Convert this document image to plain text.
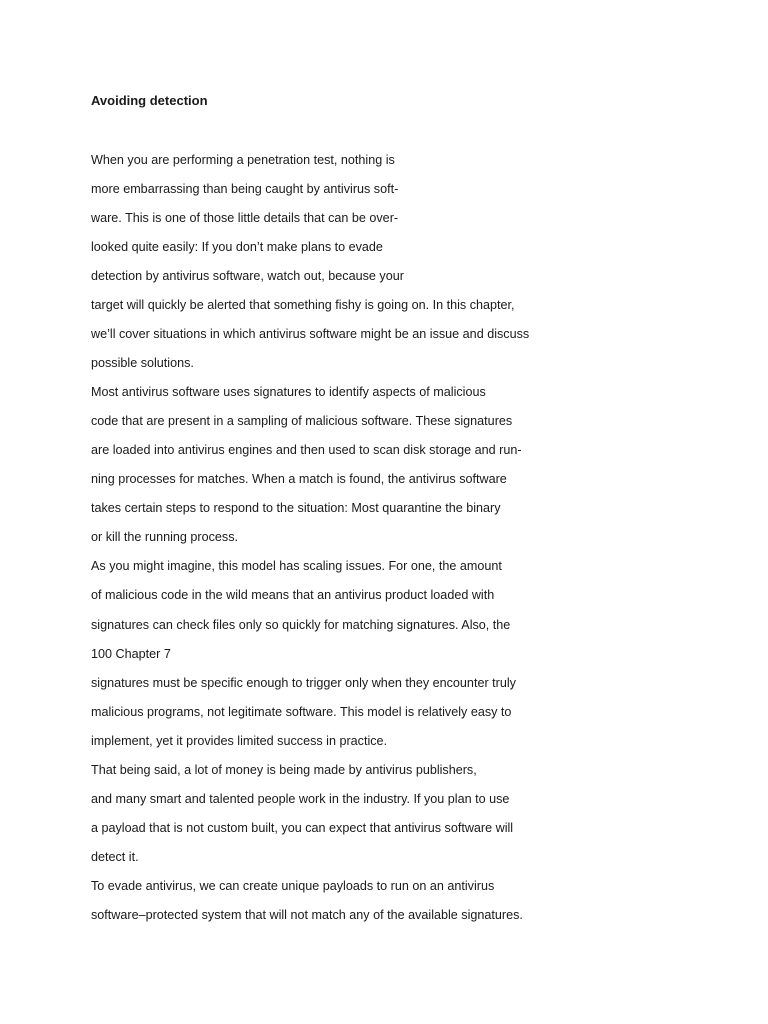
Avoiding detection
When you are performing a penetration test, nothing is
more embarrassing than being caught by antivirus soft-
ware. This is one of those little details that can be over-
looked quite easily: If you don’t make plans to evade
detection by antivirus software, watch out, because your
target will quickly be alerted that something fishy is going on. In this chapter,
we’ll cover situations in which antivirus software might be an issue and discuss
possible solutions.
Most antivirus software uses signatures to identify aspects of malicious
code that are present in a sampling of malicious software. These signatures
are loaded into antivirus engines and then used to scan disk storage and run-
ning processes for matches. When a match is found, the antivirus software
takes certain steps to respond to the situation: Most quarantine the binary
or kill the running process.
As you might imagine, this model has scaling issues. For one, the amount
of malicious code in the wild means that an antivirus product loaded with
signatures can check files only so quickly for matching signatures. Also, the
100 Chapter 7
signatures must be specific enough to trigger only when they encounter truly
malicious programs, not legitimate software. This model is relatively easy to
implement, yet it provides limited success in practice.
That being said, a lot of money is being made by antivirus publishers,
and many smart and talented people work in the industry. If you plan to use
a payload that is not custom built, you can expect that antivirus software will
detect it.
To evade antivirus, we can create unique payloads to run on an antivirus
software–protected system that will not match any of the available signatures.
